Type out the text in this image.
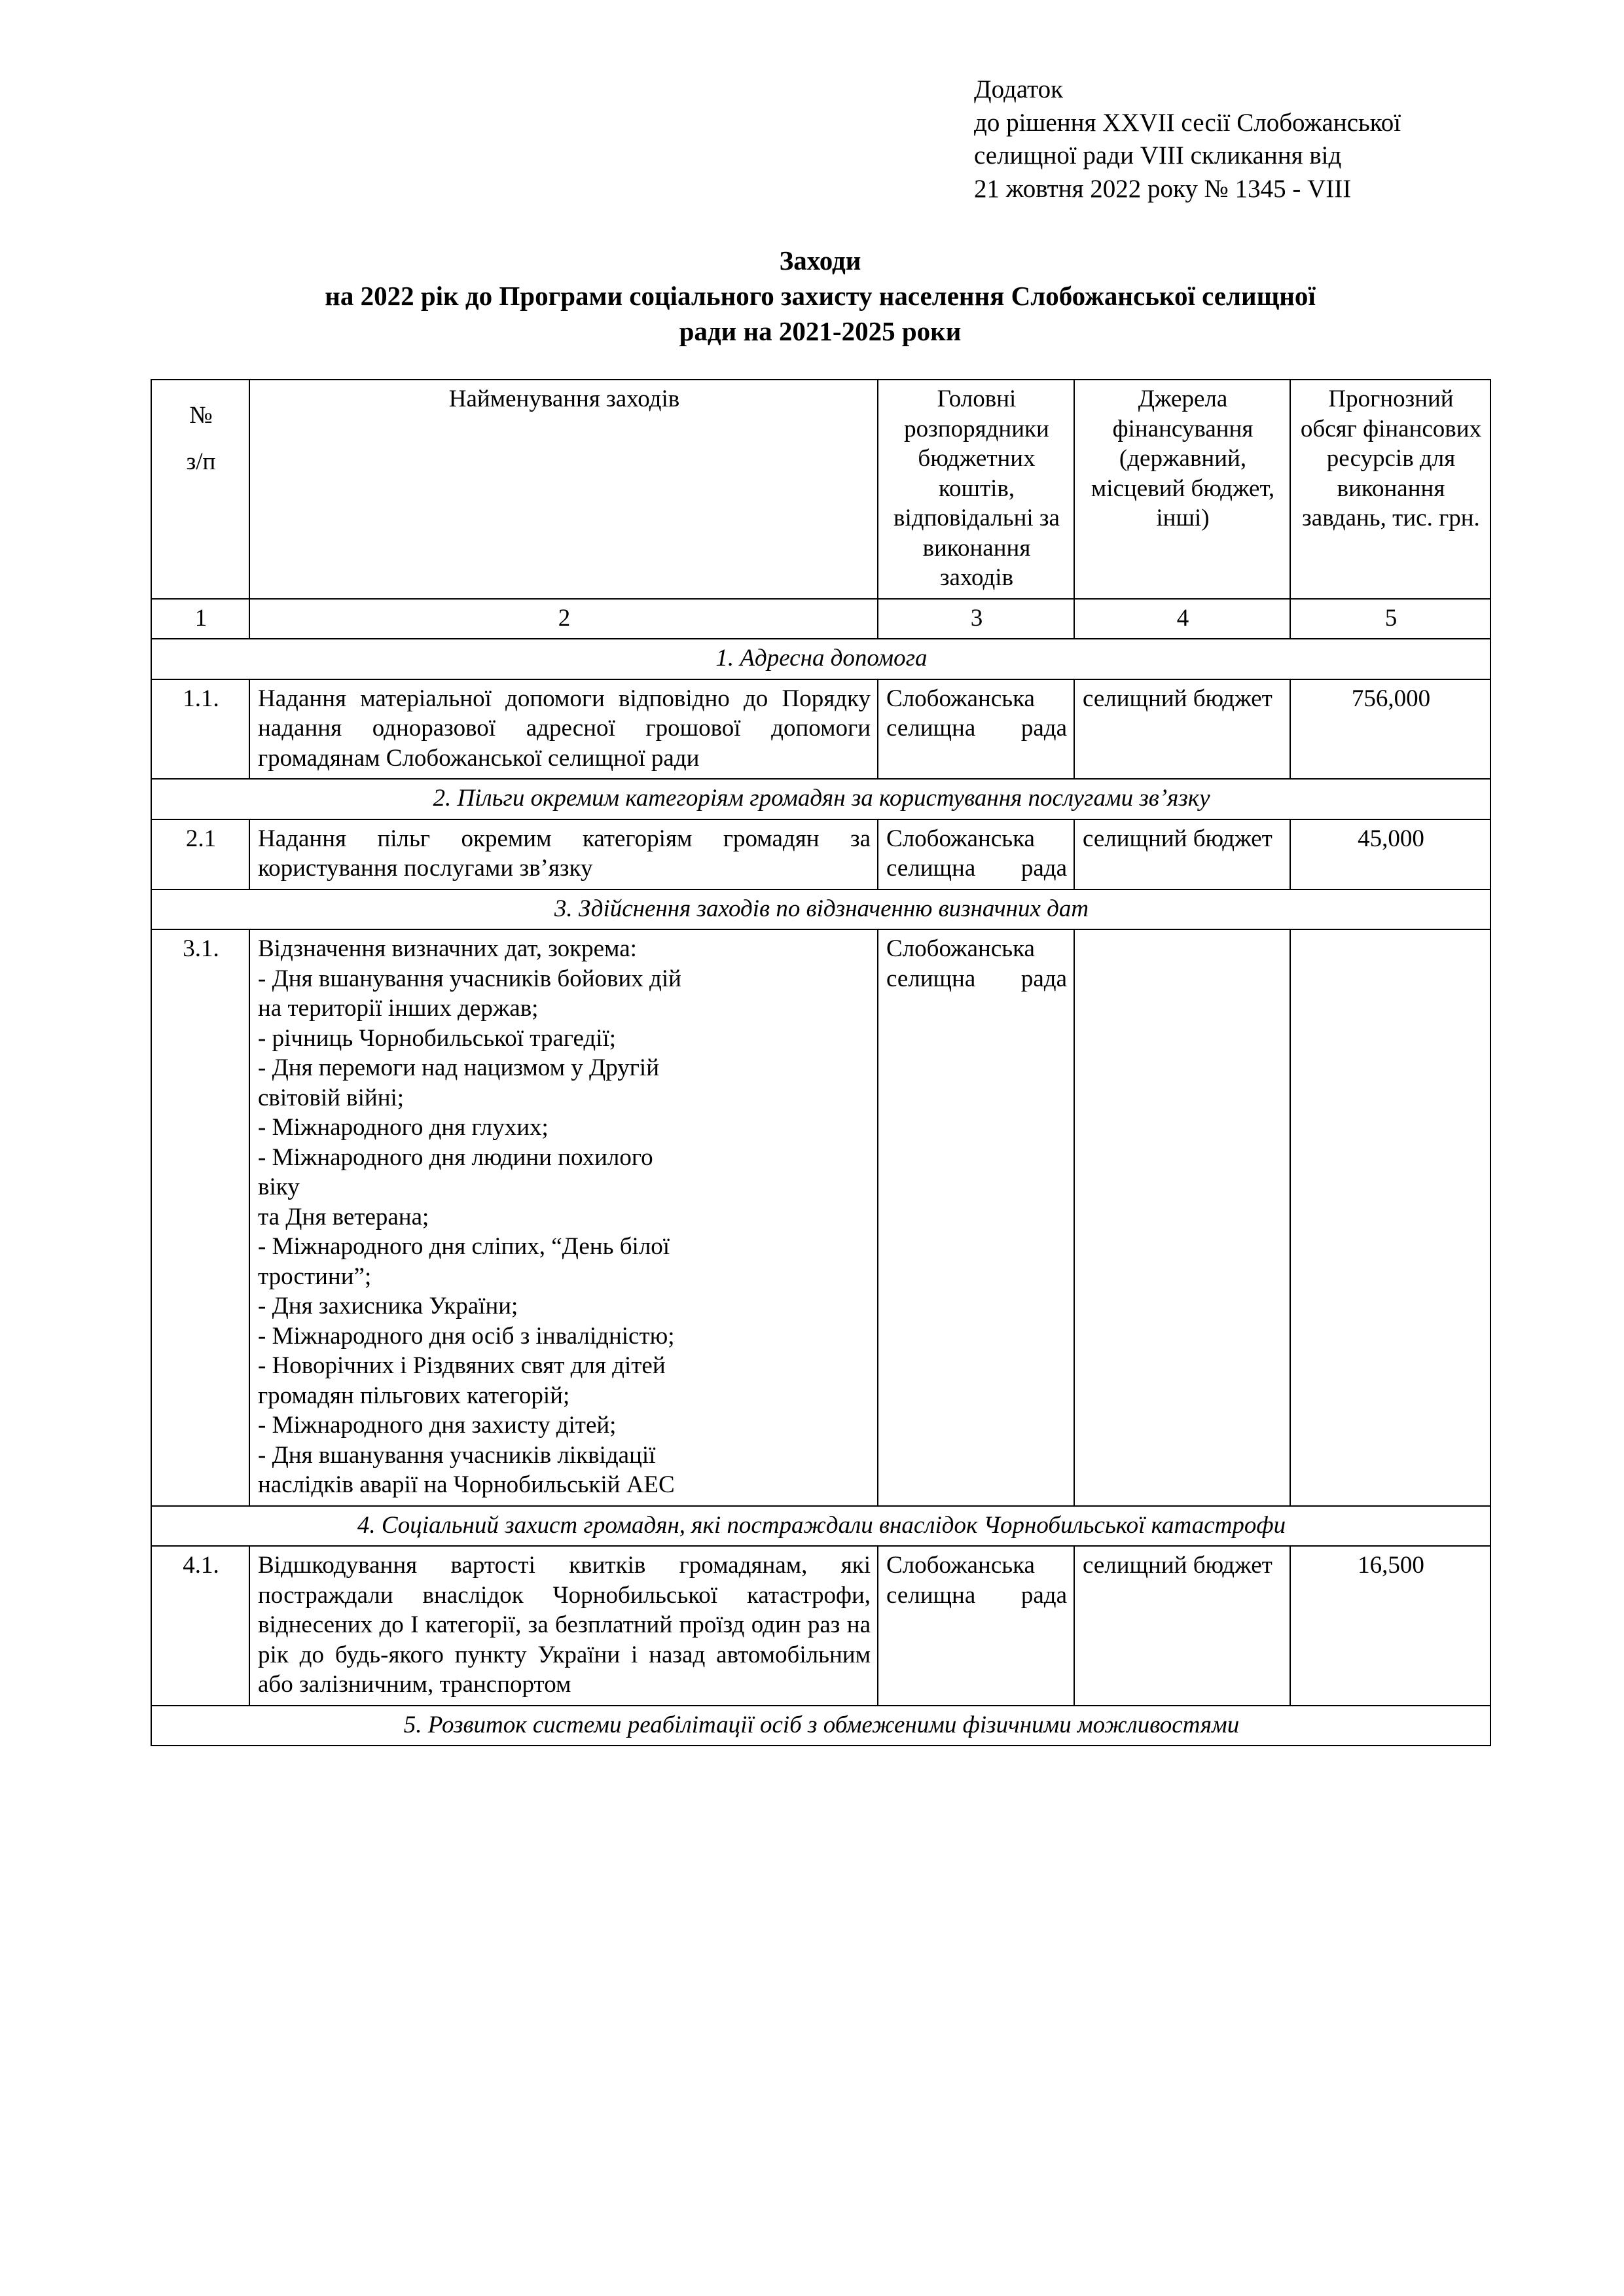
Додаток
до рішення XXVII сесії Слобожанської
селищної ради VIII скликання від
21 жовтня 2022 року № 1345 - VIII
Заходи
на 2022 рік до Програми соціального захисту населення Слобожанської селищної
ради на 2021-2025 роки
№
з/п	Найменування заходів	Головні розпорядники бюджетних коштів, відповідальні за виконання заходів	Джерела фінансування (державний, місцевий бюджет, інші)	Прогнозний обсяг фінансових ресурсів для виконання завдань, тис. грн.
1	2	3	4	5
1. Адресна допомога				
1.1.	Надання матеріальної допомоги відповідно до Порядку надання одноразової адресної грошової допомоги громадянам Слобожанської селищної ради	Слобожанська селищна рада	селищний бюджет	756,000
2. Пільги окремим категоріям громадян за користування послугами зв’язку				
2.1	Надання пільг окремим категоріям громадян за користування послугами зв’язку	Слобожанська селищна рада	селищний бюджет	45,000
3. Здійснення заходів по відзначенню визначних дат				
3.1.	Відзначення визначних дат, зокрема:
- Дня вшанування учасників бойових дій
на території інших держав;
- річниць Чорнобильської трагедії;
- Дня перемоги над нацизмом у Другій
світовій війні;
- Міжнародного дня глухих;
- Міжнародного дня людини похилого
віку
та Дня ветерана;
- Міжнародного дня сліпих, “День білої
тростини”;
- Дня захисника України;
- Міжнародного дня осіб з інвалідністю;
- Новорічних і Різдвяних свят для дітей
громадян пільгових категорій;
- Міжнародного дня захисту дітей;
- Дня вшанування учасників ліквідації
наслідків аварії на Чорнобильській АЕС
	Слобожанська селищна рада		
4. Соціальний захист громадян, які постраждали внаслідок Чорнобильської катастрофи				
4.1.	Відшкодування вартості квитків громадянам, які постраждали внаслідок Чорнобильської катастрофи, віднесених до I категорії, за безплатний проїзд один раз на рік до будь-якого пункту України і назад автомобільним або залізничним, транспортом	Слобожанська селищна рада	селищний бюджет	16,500
5. Розвиток системи реабілітації осіб з обмеженими фізичними можливостями				
